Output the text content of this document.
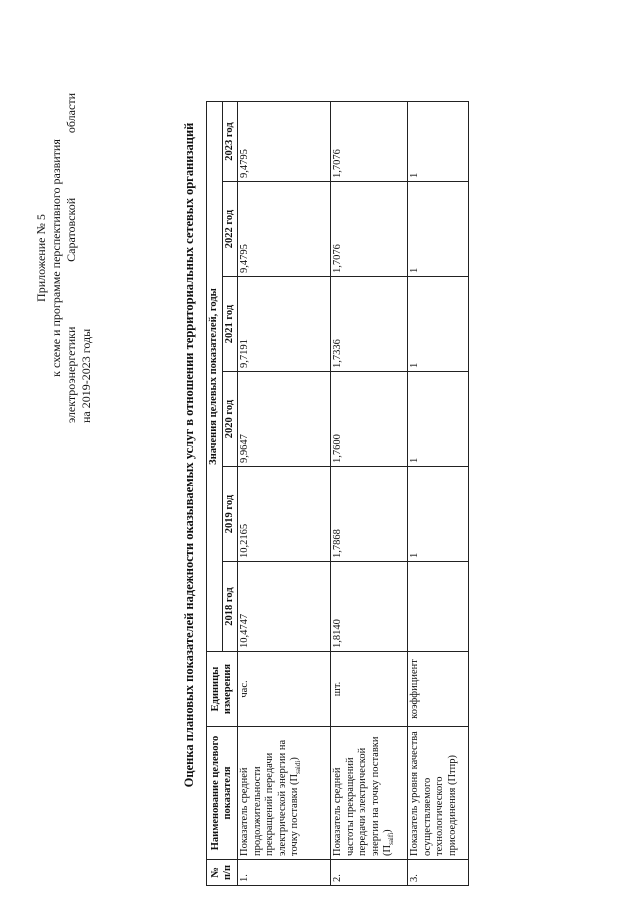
Приложение № 5 к схеме и программе перспективного развития электроэнергетики
Саратовской
области
на 2019-2023 годы	Оценка плановых показателей надежности оказываемых услуг в отношении территориальных сетевых организаций
№ п/п	Наименование целевого показателя	Единицы измерения	Значения целевых показателей, годы					
			2018 год	2019 год	2020 год	2021 год	2022 год	2023 год
1.	Показатель средней продолжительности прекращений передачи электрической энергии на точку поставки $(П_{saidi})$	час.	10,4747	10,2165	9,9647	9,7191	9,4795	9,4795
2.	Показатель средней частоты прекращений передачи электрической энергии на точку поставки $(П_{saifi})$	шт.	1,8140	1,7868	1,7600	1,7336	1,7076	1,7076
3.	Показатель уровня качества осуществляемого технологического присоединения (Птпр)	коэффициент		1	1	1	1	1
